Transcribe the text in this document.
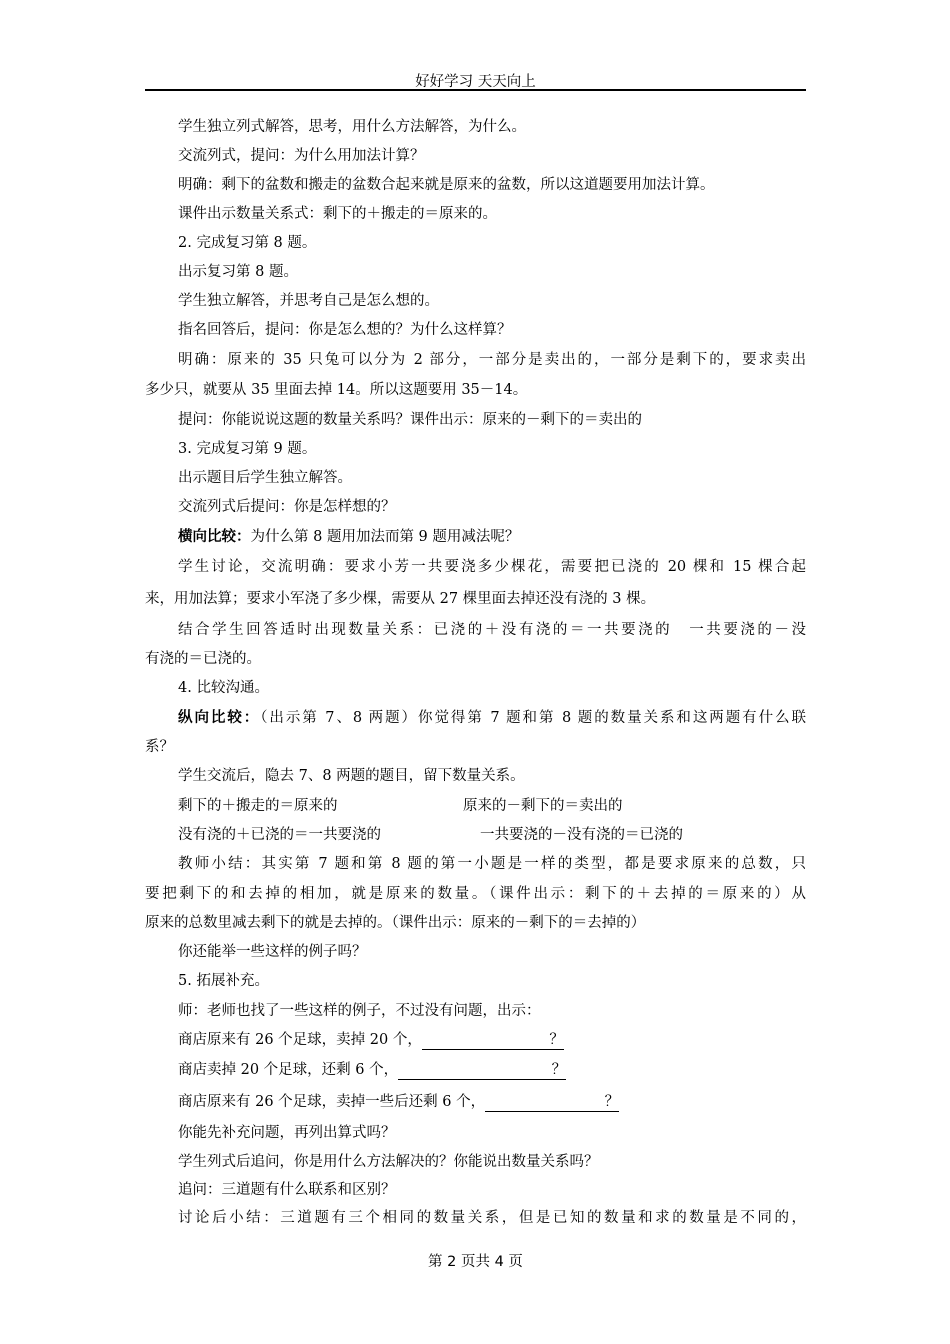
好好学习 天天向上
学生独立列式解答，思考，用什么方法解答，为什么。
交流列式，提问：为什么用加法计算？
明确：剩下的盆数和搬走的盆数合起来就是原来的盆数，所以这道题要用加法计算。
课件出示数量关系式：剩下的＋搬走的＝原来的。
2. 完成复习第 8 题。
出示复习第 8 题。
学生独立解答，并思考自己是怎么想的。
指名回答后，提问：你是怎么想的？为什么这样算？
明确：原来的 35 只兔可以分为 2 部分，一部分是卖出的，一部分是剩下的，要求卖出
多少只，就要从 35 里面去掉 14。所以这题要用 35－14。
提问：你能说说这题的数量关系吗？课件出示：原来的－剩下的＝卖出的
3. 完成复习第 9 题。
出示题目后学生独立解答。
交流列式后提问：你是怎样想的？
横向比较：为什么第 8 题用加法而第 9 题用减法呢？
学生讨论，交流明确：要求小芳一共要浇多少棵花，需要把已浇的 20 棵和 15 棵合起
来，用加法算；要求小军浇了多少棵，需要从 27 棵里面去掉还没有浇的 3 棵。
结合学生回答适时出现数量关系：已浇的＋没有浇的＝一共要浇的　一共要浇的－没
有浇的＝已浇的。
4. 比较沟通。
纵向比较：（出示第 7、8 两题）你觉得第 7 题和第 8 题的数量关系和这两题有什么联
系？
学生交流后，隐去 7、8 两题的题目，留下数量关系。
剩下的＋搬走的＝原来的	原来的－剩下的＝卖出的
没有浇的＋已浇的＝一共要浇的	一共要浇的－没有浇的＝已浇的
教师小结：其实第 7 题和第 8 题的第一小题是一样的类型，都是要求原来的总数，只
要把剩下的和去掉的相加，就是原来的数量。（课件出示：剩下的＋去掉的＝原来的）从
原来的总数里减去剩下的就是去掉的。（课件出示：原来的－剩下的＝去掉的）
你还能举一些这样的例子吗？
5. 拓展补充。
师：老师也找了一些这样的例子，不过没有问题，出示：
商店原来有 26 个足球，卖掉 20 个，	？
商店卖掉 20 个足球，还剩 6 个，	？
商店原来有 26 个足球，卖掉一些后还剩 6 个，	？
你能先补充问题，再列出算式吗？
学生列式后追问，你是用什么方法解决的？你能说出数量关系吗？
追问：三道题有什么联系和区别？
讨论后小结：三道题有三个相同的数量关系，但是已知的数量和求的数量是不同的，
第 2 页共 4 页
